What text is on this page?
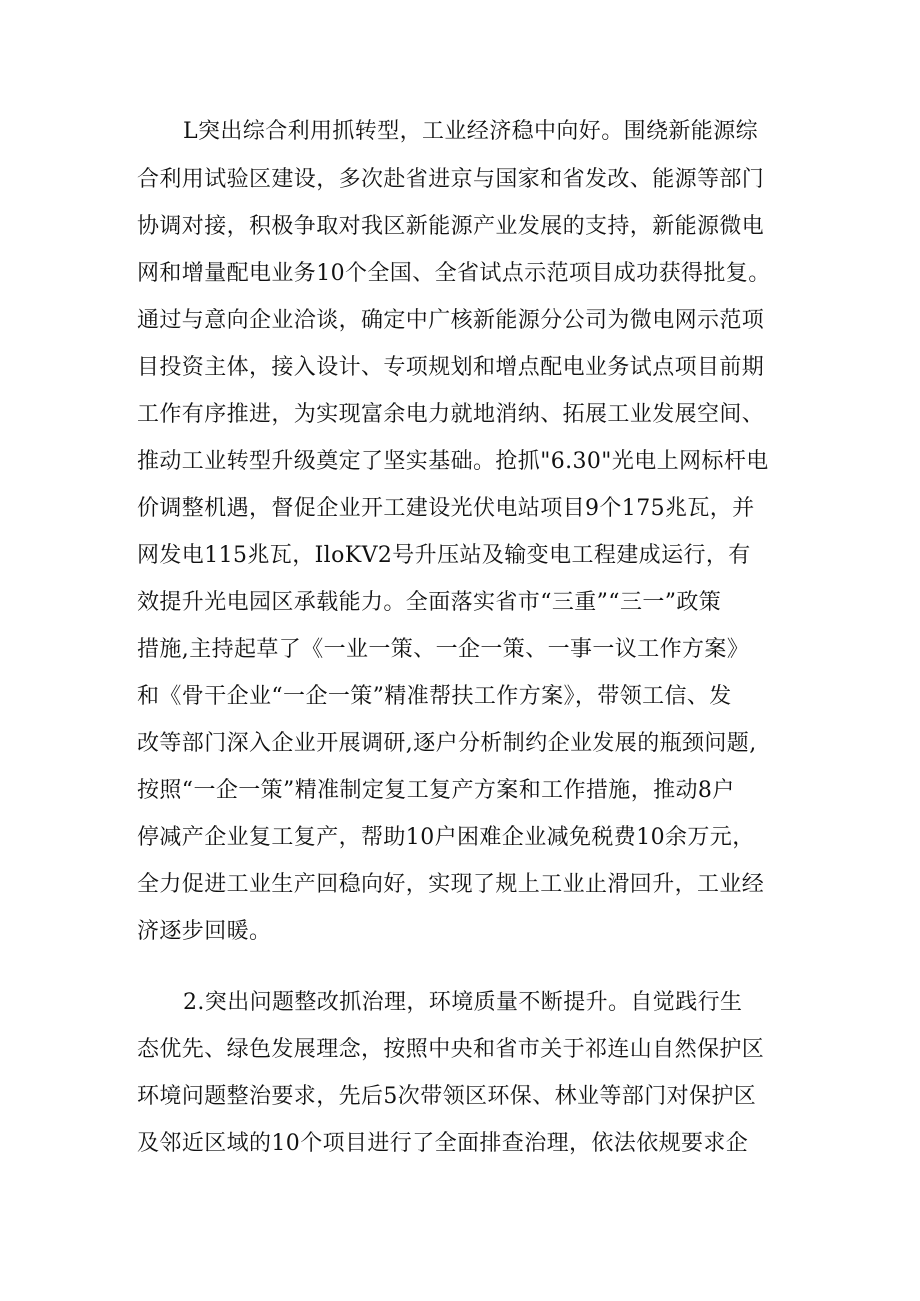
L突出综合利用抓转型，工业经济稳中向好。围绕新能源综
合利用试验区建设，多次赴省进京与国家和省发改、能源等部门
协调对接，积极争取对我区新能源产业发展的支持，新能源微电
网和增量配电业务10个全国、全省试点示范项目成功获得批复。
通过与意向企业洽谈，确定中广核新能源分公司为微电网示范项
目投资主体，接入设计、专项规划和增点配电业务试点项目前期
工作有序推进，为实现富余电力就地消纳、拓展工业发展空间、
推动工业转型升级奠定了坚实基础。抢抓"6.30"光电上网标杆电
价调整机遇，督促企业开工建设光伏电站项目9个175兆瓦，并
网发电115兆瓦，IloKV2号升压站及输变电工程建成运行，有
效提升光电园区承载能力。全面落实省市“三重”“三一”政策
措施,主持起草了《一业一策、一企一策、一事一议工作方案》
和《骨干企业“一企一策”精准帮扶工作方案》，带领工信、发
改等部门深入企业开展调研,逐户分析制约企业发展的瓶颈问题,
按照“一企一策”精准制定复工复产方案和工作措施，推动8户
停减产企业复工复产，帮助10户困难企业减免税费10余万元，
全力促进工业生产回稳向好，实现了规上工业止滑回升，工业经
济逐步回暖。
2.突出问题整改抓治理，环境质量不断提升。自觉践行生
态优先、绿色发展理念，按照中央和省市关于祁连山自然保护区
环境问题整治要求，先后5次带领区环保、林业等部门对保护区
及邻近区域的10个项目进行了全面排查治理，依法依规要求企
